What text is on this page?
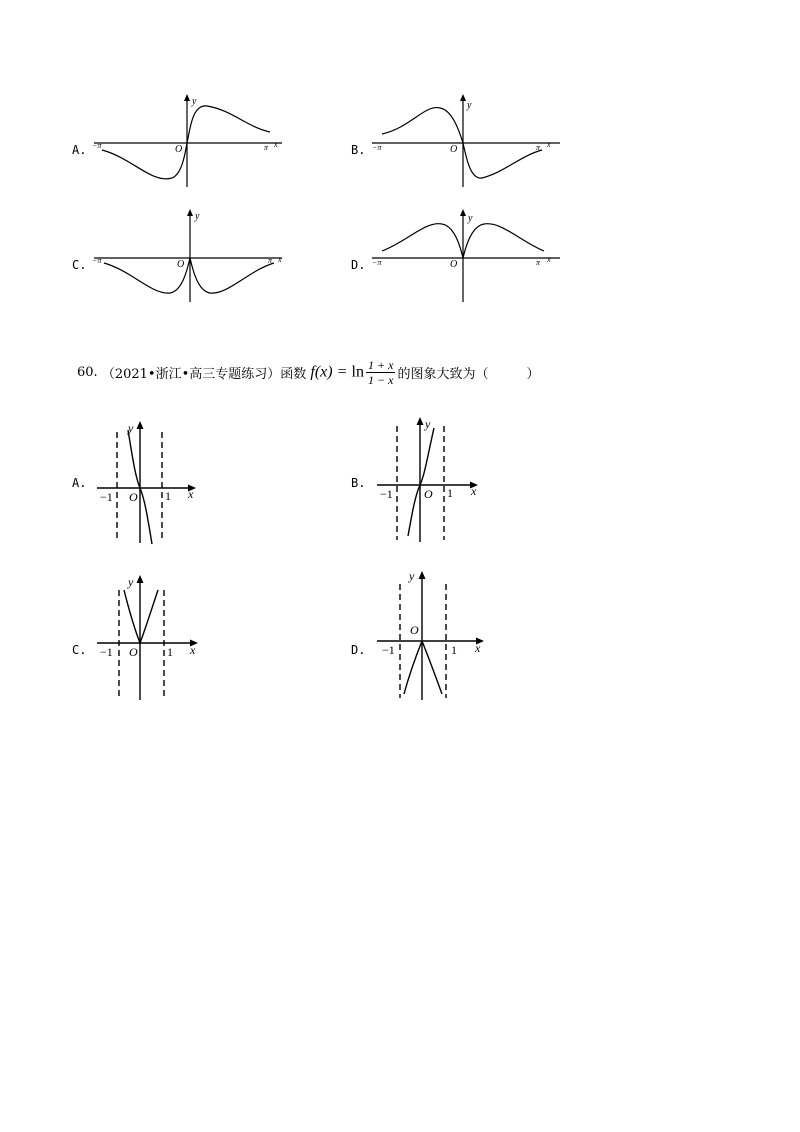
A.
y
O
−π	π x	B.
y
O
−π	π x
C.
y
O
−π	π x	D.
y
O
−π	π x
60. （2021•浙江•高三专题练习）函数 $f(x) = \ln \frac{1 + x}{1 - x}$ 的图象大致为（	）
A.
y
O
−1	1 x
B.
y
O
−1	1 x
C.
y
O
−1	1 x	D.
y
O
−1	1 x
